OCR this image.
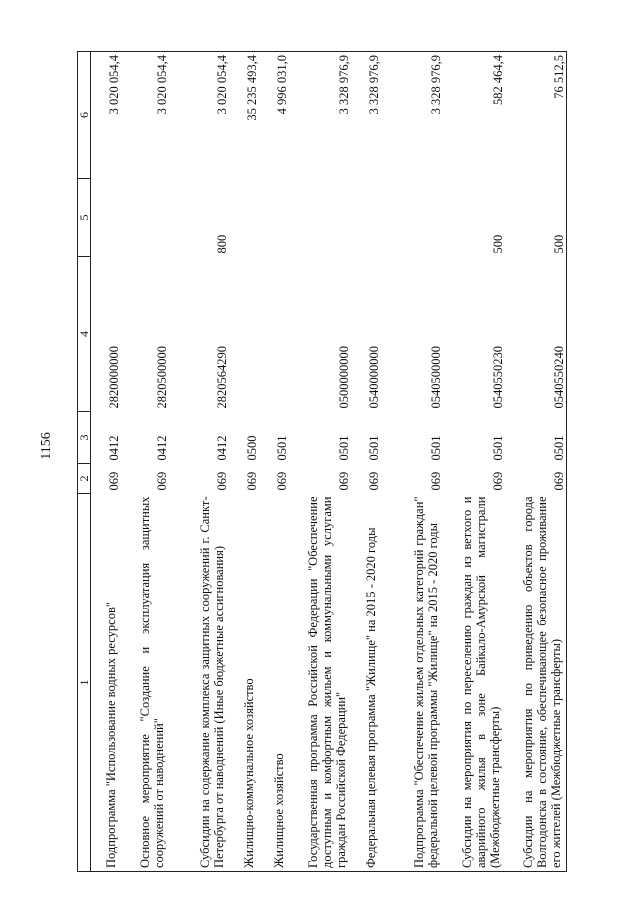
1156
1	2	3	4	5	6
Подпрограмма "Использование водных ресурсов"	069	0412	2820000000		3 020 054,4
Основное мероприятие "Создание и эксплуатация защитных сооружений от наводнений"	069	0412	2820500000		3 020 054,4
Субсидии на содержание комплекса защитных сооружений г. Санкт-Петербурга от наводнений (Иные бюджетные ассигнования)	069	0412	2820564290	800	3 020 054,4
Жилищно-коммунальное хозяйство	069	0500			35 235 493,4
Жилищное хозяйство	069	0501			4 996 031,0
Государственная программа Российской Федерации "Обеспечение доступным и комфортным жильем и коммунальными услугами граждан Российской Федерации"	069	0501	0500000000		3 328 976,9
Федеральная целевая программа "Жилище" на 2015 - 2020 годы	069	0501	0540000000		3 328 976,9
Подпрограмма "Обеспечение жильем отдельных категорий граждан" федеральной целевой программы "Жилище" на 2015 - 2020 годы	069	0501	0540500000		3 328 976,9
Субсидии на мероприятия по переселению граждан из ветхого и аварийного жилья в зоне Байкало-Амурской магистрали (Межбюджетные трансферты)	069	0501	0540550230	500	582 464,4
Субсидии на мероприятия по приведению объектов города Волгодонска в состояние, обеспечивающее безопасное проживание его жителей (Межбюджетные трансферты)	069	0501	0540550240	500	76 512,5
